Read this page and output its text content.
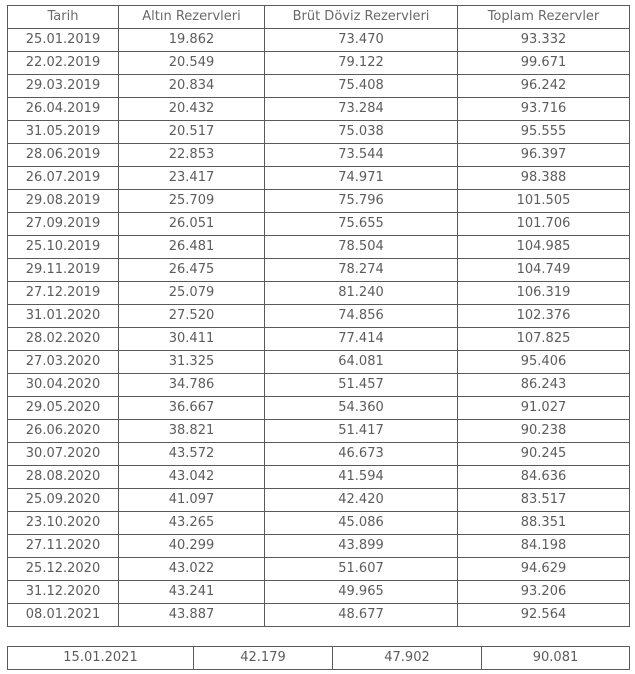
Tarih	Altın Rezervleri	Brüt Döviz Rezervleri	Toplam Rezervler
25.01.2019	19.862	73.470	93.332
22.02.2019	20.549	79.122	99.671
29.03.2019	20.834	75.408	96.242
26.04.2019	20.432	73.284	93.716
31.05.2019	20.517	75.038	95.555
28.06.2019	22.853	73.544	96.397
26.07.2019	23.417	74.971	98.388
29.08.2019	25.709	75.796	101.505
27.09.2019	26.051	75.655	101.706
25.10.2019	26.481	78.504	104.985
29.11.2019	26.475	78.274	104.749
27.12.2019	25.079	81.240	106.319
31.01.2020	27.520	74.856	102.376
28.02.2020	30.411	77.414	107.825
27.03.2020	31.325	64.081	95.406
30.04.2020	34.786	51.457	86.243
29.05.2020	36.667	54.360	91.027
26.06.2020	38.821	51.417	90.238
30.07.2020	43.572	46.673	90.245
28.08.2020	43.042	41.594	84.636
25.09.2020	41.097	42.420	83.517
23.10.2020	43.265	45.086	88.351
27.11.2020	40.299	43.899	84.198
25.12.2020	43.022	51.607	94.629
31.12.2020	43.241	49.965	93.206
08.01.2021	43.887	48.677	92.564
15.01.2021	42.179	47.902	90.081
